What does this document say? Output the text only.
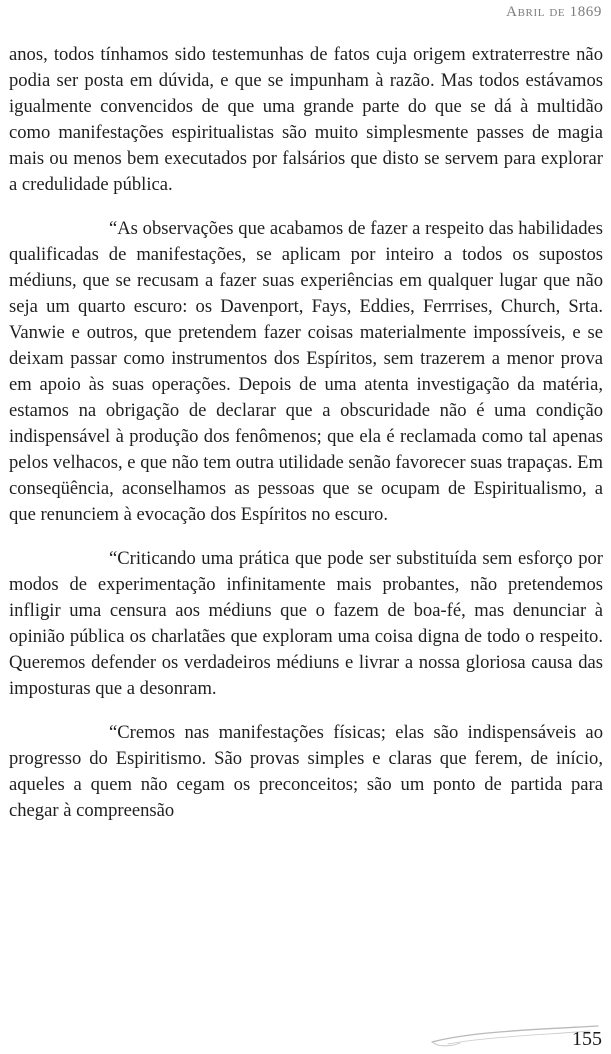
Abril de 1869

anos, todos tínhamos sido testemunhas de fatos cuja origem extraterrestre não podia ser posta em dúvida, e que se impunham à razão. Mas todos estávamos igualmente convencidos de que uma grande parte do que se dá à multidão como manifestações espiritualistas são muito simplesmente passes de magia mais ou menos bem executados por falsários que disto se servem para explorar a credulidade pública.

“As observações que acabamos de fazer a respeito das habilidades qualificadas de manifestações, se aplicam por inteiro a todos os supostos médiuns, que se recusam a fazer suas experiências em qualquer lugar que não seja um quarto escuro: os Davenport, Fays, Eddies, Ferrrises, Church, Srta. Vanwie e outros, que pretendem fazer coisas materialmente impossíveis, e se deixam passar como instrumentos dos Espíritos, sem trazerem a menor prova em apoio às suas operações. Depois de uma atenta investigação da matéria, estamos na obrigação de declarar que a obscuridade não é uma condição indispensável à produção dos fenômenos; que ela é reclamada como tal apenas pelos velhacos, e que não tem outra utilidade senão favorecer suas trapaças. Em conseqüência, aconselhamos as pessoas que se ocupam de Espiritualismo, a que renunciem à evocação dos Espíritos no escuro.

“Criticando uma prática que pode ser substituída sem esforço por modos de experimentação infinitamente mais probantes, não pretendemos infligir uma censura aos médiuns que o fazem de boa-fé, mas denunciar à opinião pública os charlatães que exploram uma coisa digna de todo o respeito. Queremos defender os verdadeiros médiuns e livrar a nossa gloriosa causa das imposturas que a desonram.

“Cremos nas manifestações físicas; elas são indispensáveis ao progresso do Espiritismo. São provas simples e claras que ferem, de início, aqueles a quem não cegam os preconceitos; são um ponto de partida para chegar à compreensão

155
